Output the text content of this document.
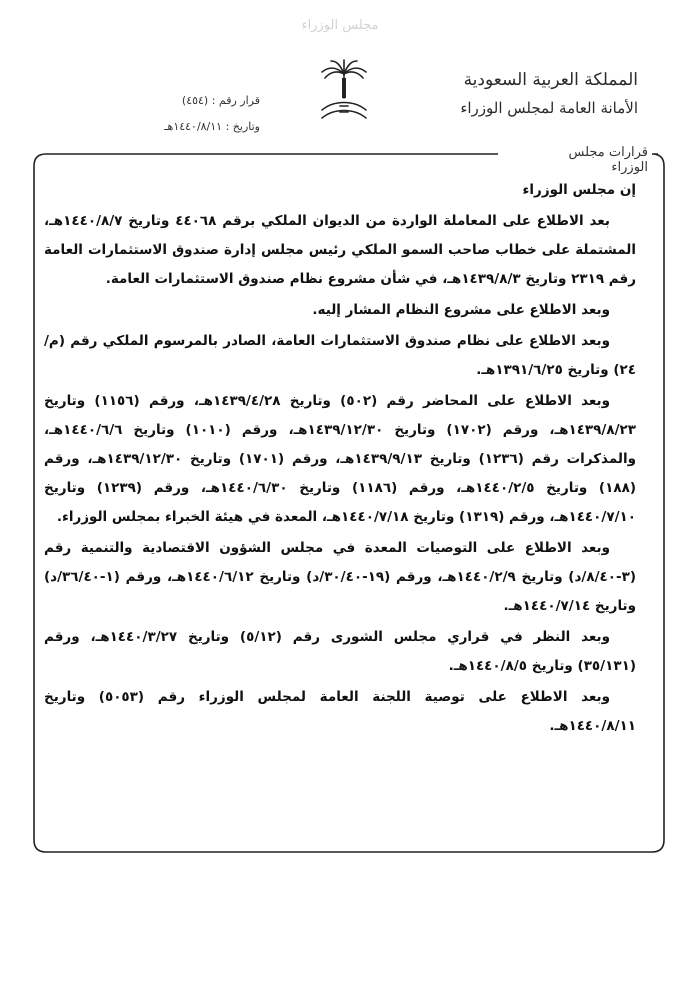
مجلس الوزراء
المملكة العربية السعودية
الأمانة العامة لمجلس الوزراء
قرار رقم : (٤٥٤)
وتاريخ : ١٤٤٠/٨/١١هـ
قرارات مجلس الوزراء

إن مجلس الوزراء

بعد الاطلاع على المعاملة الواردة من الديوان الملكي برقم ٤٤٠٦٨ وتاريخ ١٤٤٠/٨/٧هـ، المشتملة على خطاب صاحب السمو الملكي رئيس مجلس إدارة صندوق الاستثمارات العامة رقم ٢٣١٩ وتاريخ ١٤٣٩/٨/٣هـ، في شأن مشروع نظام صندوق الاستثمارات العامة.

وبعد الاطلاع على مشروع النظام المشار إليه.

وبعد الاطلاع على نظام صندوق الاستثمارات العامة، الصادر بالمرسوم الملكي رقم (م/٢٤) وتاريخ ١٣٩١/٦/٢٥هـ.

وبعد الاطلاع على المحاضر رقم (٥٠٢) وتاريخ ١٤٣٩/٤/٢٨هـ، ورقم (١١٥٦) وتاريخ ١٤٣٩/٨/٢٣هـ، ورقم (١٧٠٢) وتاريخ ١٤٣٩/١٢/٣٠هـ، ورقم (١٠١٠) وتاريخ ١٤٤٠/٦/٦هـ، والمذكرات رقم (١٢٣٦) وتاريخ ١٤٣٩/٩/١٣هـ، ورقم (١٧٠١) وتاريخ ١٤٣٩/١٢/٣٠هـ، ورقم (١٨٨) وتاريخ ١٤٤٠/٢/٥هـ، ورقم (١١٨٦) وتاريخ ١٤٤٠/٦/٣٠هـ، ورقم (١٢٣٩) وتاريخ ١٤٤٠/٧/١٠هـ، ورقم (١٣١٩) وتاريخ ١٤٤٠/٧/١٨هـ، المعدة في هيئة الخبراء بمجلس الوزراء.

وبعد الاطلاع على التوصيات المعدة في مجلس الشؤون الاقتصادية والتنمية رقم (٣-٨/٤٠/د) وتاريخ ١٤٤٠/٢/٩هـ، ورقم (١٩-٣٠/٤٠/د) وتاريخ ١٤٤٠/٦/١٢هـ، ورقم (١-٣٦/٤٠/د) وتاريخ ١٤٤٠/٧/١٤هـ.

وبعد النظر في قراري مجلس الشورى رقم (٥/١٢) وتاريخ ١٤٤٠/٣/٢٧هـ، ورقم (٣٥/١٣١) وتاريخ ١٤٤٠/٨/٥هـ.

وبعد الاطلاع على توصية اللجنة العامة لمجلس الوزراء رقم (٥٠٥٣) وتاريخ ١٤٤٠/٨/١١هـ.
